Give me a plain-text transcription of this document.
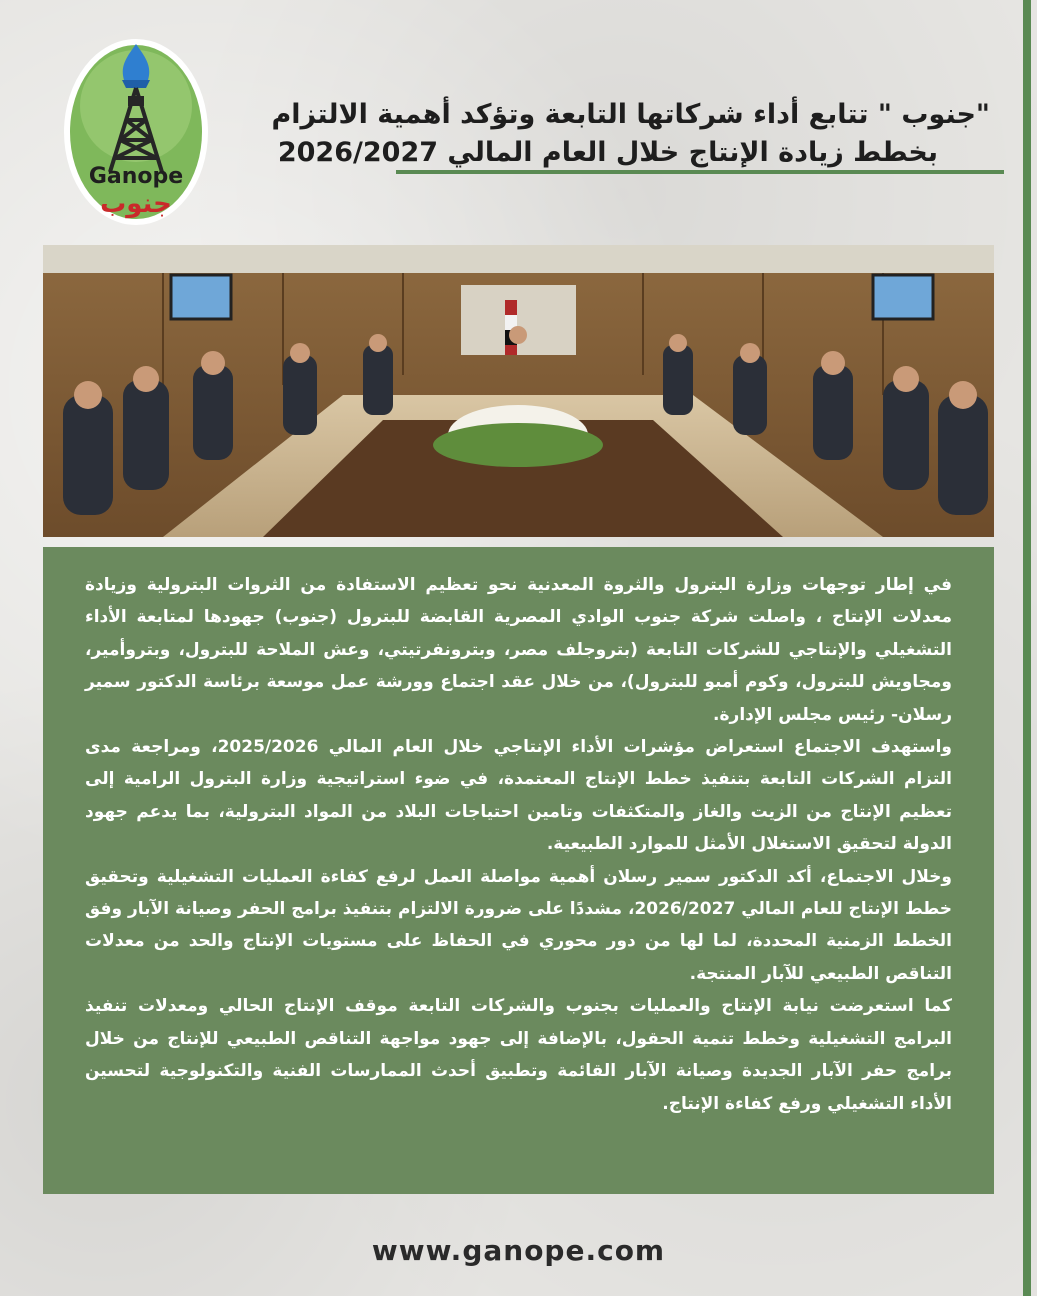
Ganope
جنوب
"جنوب " تتابع أداء شركاتها التابعة وتؤكد أهمية الالتزام
بخطط زيادة الإنتاج خلال العام المالي 2026/2027

في إطار توجهات وزارة البترول والثروة المعدنية نحو تعظيم الاستفادة من الثروات البترولية وزيادة معدلات الإنتاج ، واصلت شركة جنوب الوادي المصرية القابضة للبترول (جنوب) جهودها لمتابعة الأداء التشغيلي والإنتاجي للشركات التابعة (بتروجلف مصر، وبترونفرتيتي، وعش الملاحة للبترول، وبتروأمير، ومجاويش للبترول، وكوم أمبو للبترول)، من خلال عقد اجتماع وورشة عمل موسعة برئاسة الدكتور سمير رسلان- رئيس مجلس الإدارة.

واستهدف الاجتماع استعراض مؤشرات الأداء الإنتاجي خلال العام المالي 2025/2026، ومراجعة مدى التزام الشركات التابعة بتنفيذ خطط الإنتاج المعتمدة، في ضوء استراتيجية وزارة البترول الرامية إلى تعظيم الإنتاج من الزيت والغاز والمتكثفات وتامين احتياجات البلاد من المواد البترولية، بما يدعم جهود الدولة لتحقيق الاستغلال الأمثل للموارد الطبيعية.

وخلال الاجتماع، أكد الدكتور سمير رسلان أهمية مواصلة العمل لرفع كفاءة العمليات التشغيلية وتحقيق خطط الإنتاج للعام المالي 2026/2027، مشددًا على ضرورة الالتزام بتنفيذ برامج الحفر وصيانة الآبار وفق الخطط الزمنية المحددة، لما لها من دور محوري في الحفاظ على مستويات الإنتاج والحد من معدلات التناقص الطبيعي للآبار المنتجة.

كما استعرضت نيابة الإنتاج والعمليات بجنوب والشركات التابعة موقف الإنتاج الحالي ومعدلات تنفيذ البرامج التشغيلية وخطط تنمية الحقول، بالإضافة إلى جهود مواجهة التناقص الطبيعي للإنتاج من خلال برامج حفر الآبار الجديدة وصيانة الآبار القائمة وتطبيق أحدث الممارسات الفنية والتكنولوجية لتحسين الأداء التشغيلي ورفع كفاءة الإنتاج.

www.ganope.com
